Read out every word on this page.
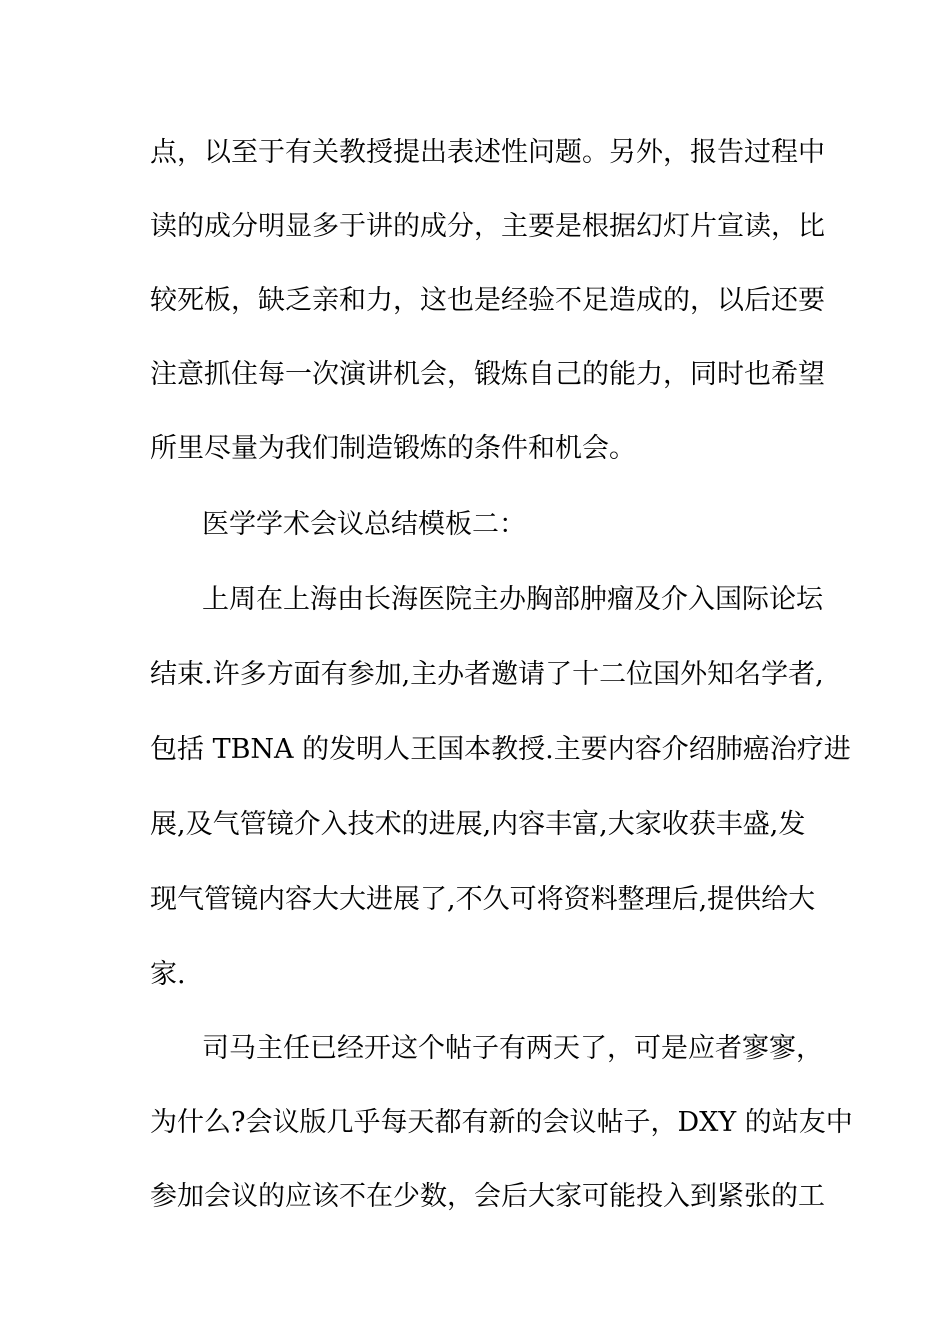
点，以至于有关教授提出表述性问题。另外，报告过程中
读的成分明显多于讲的成分，主要是根据幻灯片宣读，比
较死板，缺乏亲和力，这也是经验不足造成的，以后还要
注意抓住每一次演讲机会，锻炼自己的能力，同时也希望
所里尽量为我们制造锻炼的条件和机会。
医学学术会议总结模板二：
上周在上海由长海医院主办胸部肿瘤及介入国际论坛
结束.许多方面有参加,主办者邀请了十二位国外知名学者,
包括 TBNA 的发明人王国本教授.主要内容介绍肺癌治疗进
展,及气管镜介入技术的进展,内容丰富,大家收获丰盛,发
现气管镜内容大大进展了,不久可将资料整理后,提供给大
家.
司马主任已经开这个帖子有两天了，可是应者寥寥，
为什么?会议版几乎每天都有新的会议帖子，DXY 的站友中
参加会议的应该不在少数，会后大家可能投入到紧张的工
